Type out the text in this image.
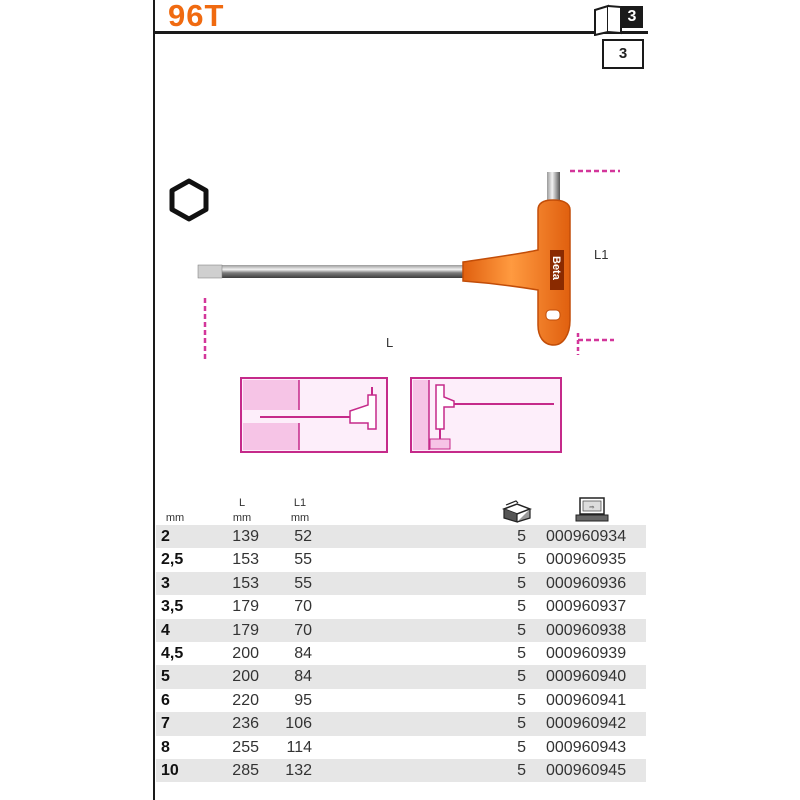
96T	3
3
Beta
L1
L
mm
L
mm
L1
mm
⇨
2	139	52	5 000960934
2,5	153	55	5 000960935
3	153	55	5 000960936
3,5	179	70	5 000960937
4	179	70	5 000960938
4,5	200	84	5 000960939
5	200	84	5 000960940
6	220	95	5 000960941
7	236	106	5 000960942
8	255	114	5 000960943
10	285	132	5 000960945
